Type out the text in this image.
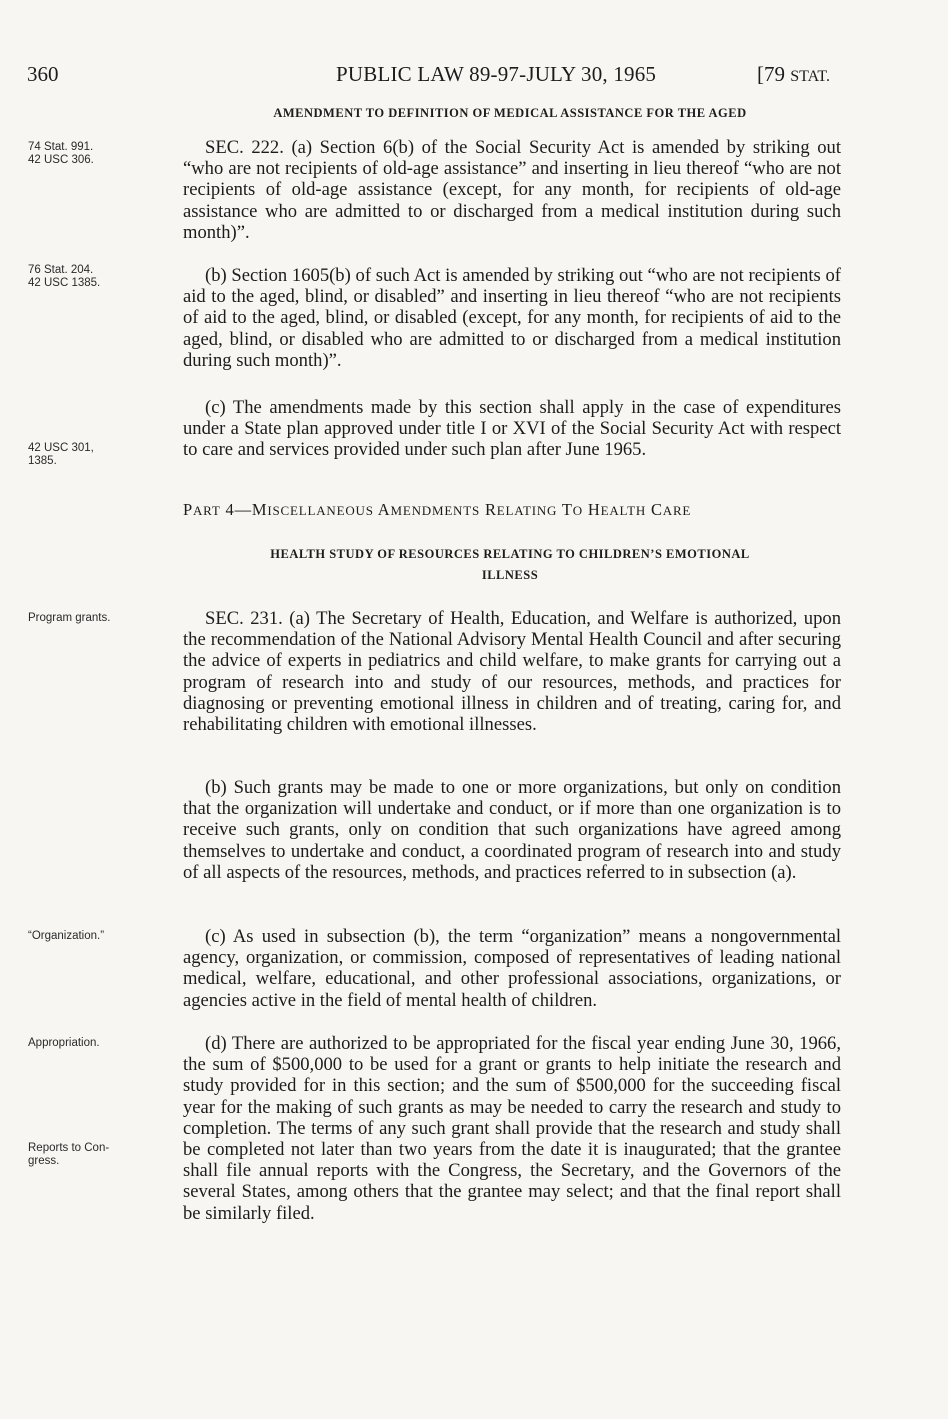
360	PUBLIC LAW 89-97-JULY 30, 1965	[79 STAT.
AMENDMENT TO DEFINITION OF MEDICAL ASSISTANCE FOR THE AGED
74 Stat. 991.
42 USC 306.

SEC. 222. (a) Section 6(b) of the Social Security Act is amended by striking out “who are not recipients of old-age assistance” and inserting in lieu thereof “who are not recipients of old-age assistance (except, for any month, for recipients of old-age assistance who are admitted to or discharged from a medical institution during such month)”.

76 Stat. 204.
42 USC 1385.	(b) Section 1605(b) of such Act is amended by striking out “who are not recipients of aid to the aged, blind, or disabled” and inserting in lieu thereof “who are not recipients of aid to the aged, blind, or disabled (except, for any month, for recipients of aid to the aged, blind, or disabled who are admitted to or discharged from a medical institution during such month)”.

42 USC 301,
1385.

(c) The amendments made by this section shall apply in the case of expenditures under a State plan approved under title I or XVI of the Social Security Act with respect to care and services provided under such plan after June 1965.

PART 4—MISCELLANEOUS AMENDMENTS RELATING TO HEALTH CARE
HEALTH STUDY OF RESOURCES RELATING TO CHILDREN’S EMOTIONAL
ILLNESS
Program grants.	SEC. 231. (a) The Secretary of Health, Education, and Welfare is authorized, upon the recommendation of the National Advisory Mental Health Council and after securing the advice of experts in pediatrics and child welfare, to make grants for carrying out a program of research into and study of our resources, methods, and practices for diagnosing or preventing emotional illness in children and of treating, caring for, and rehabilitating children with emotional illnesses.

(b) Such grants may be made to one or more organizations, but only on condition that the organization will undertake and conduct, or if more than one organization is to receive such grants, only on condition that such organizations have agreed among themselves to undertake and conduct, a coordinated program of research into and study of all aspects of the resources, methods, and practices referred to in subsection (a).

“Organization.”	(c) As used in subsection (b), the term “organization” means a nongovernmental agency, organization, or commission, composed of representatives of leading national medical, welfare, educational, and other professional associations, organizations, or agencies active in the field of mental health of children.

Appropriation.	(d) There are authorized to be appropriated for the fiscal year ending June 30, 1966, the sum of $500,000 to be used for a grant or grants to help initiate the research and study provided for in this section; and the sum of $500,000 for the succeeding fiscal year for the making of such grants as may be needed to carry the research and study to completion. The terms of any such grant shall provide that the research and study shall be completed not later than two years from the date it is inaugurated; that the grantee shall file annual reports with the Congress, the Secretary, and the Governors of the several States, among others that the grantee may select; and that the final report shall be similarly filed.

Reports to Con-
gress.
